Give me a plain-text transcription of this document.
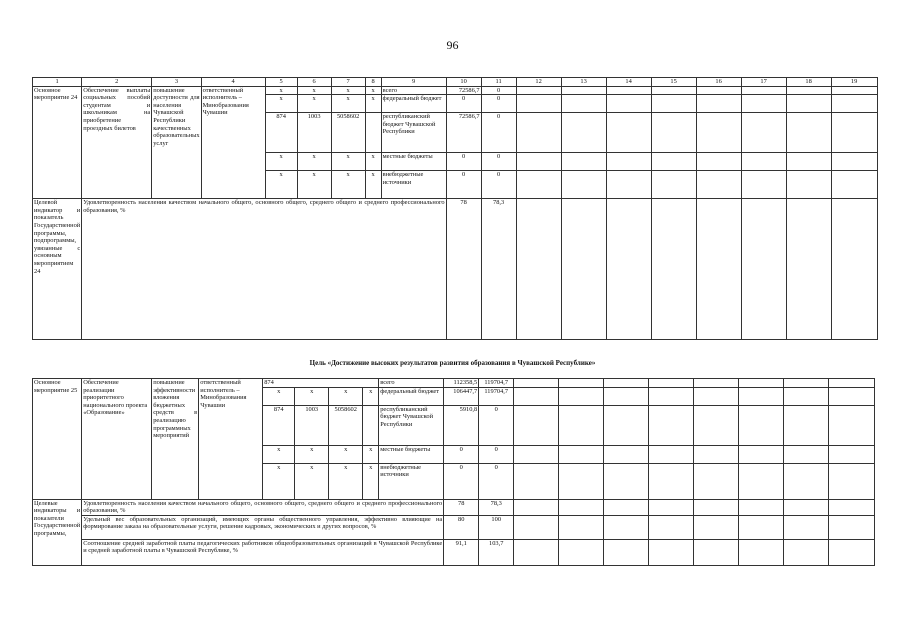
96
1	2	3	4	5	6	7	8	9	10	11	12	13	14	15	16	17	18	19
Основное мероприятие 24	Обеспечение выплаты социальных пособий студентам и школьникам на приобретение проездных билетов	повышение доступности для населения Чувашской Республики качественных образовательных услуг	ответственный исполнитель – Минобразования Чувашии	x	x	x	x	всего	72586,7	0								
				x	x	x	x	федеральный бюджет	0	0								
				874	1003	5058602		республиканский бюджет Чувашской Республики	72586,7	0								
				x	x	x	x	местные бюджеты	0	0								
				x	x	x	x	внебюджетные источники	0	0								
Целевой индикатор и показатель Государственной программы, подпрограммы, увязанные с основным мероприятием 24	Удовлетворенность населения качеством начального общего, основного общего, среднего общего и среднего профессионального образования, %								78	78,3								
Цель «Достижение высоких результатов развития образования в Чувашской Республике»
Основное мероприятие 25	Обеспечение реализации приоритетного национального проекта «Образование»	повышение эффективности вложения бюджетных средств в реализацию программных мероприятий	ответственный исполнитель – Минобразования Чувашии	874				всего	112358,5	119704,7								
				x	x	x	x	федеральный бюджет	106447,7	119704,7								
				874	1003	5058602		республиканский бюджет Чувашской Республики	5910,8	0								
				x	x	x	x	местные бюджеты	0	0								
				x	x	x	x	внебюджетные источники	0	0								
Целевые индикаторы и показатели Государственной программы,	Удовлетворенность населения качеством начального общего, основного общего, среднего общего и среднего профессионального образования, %								78	78,3								
	Удельный вес образовательных организаций, имеющих органы общественного управления, эффективно влияющие на формирование заказа на образовательные услуги, решение кадровых, экономических и других вопросов, %								80	100								
	Соотношение средней заработной платы педагогических работников общеобразовательных организаций в Чувашской Республике и средней заработной платы в Чувашской Республике, %								91,1	103,7								
